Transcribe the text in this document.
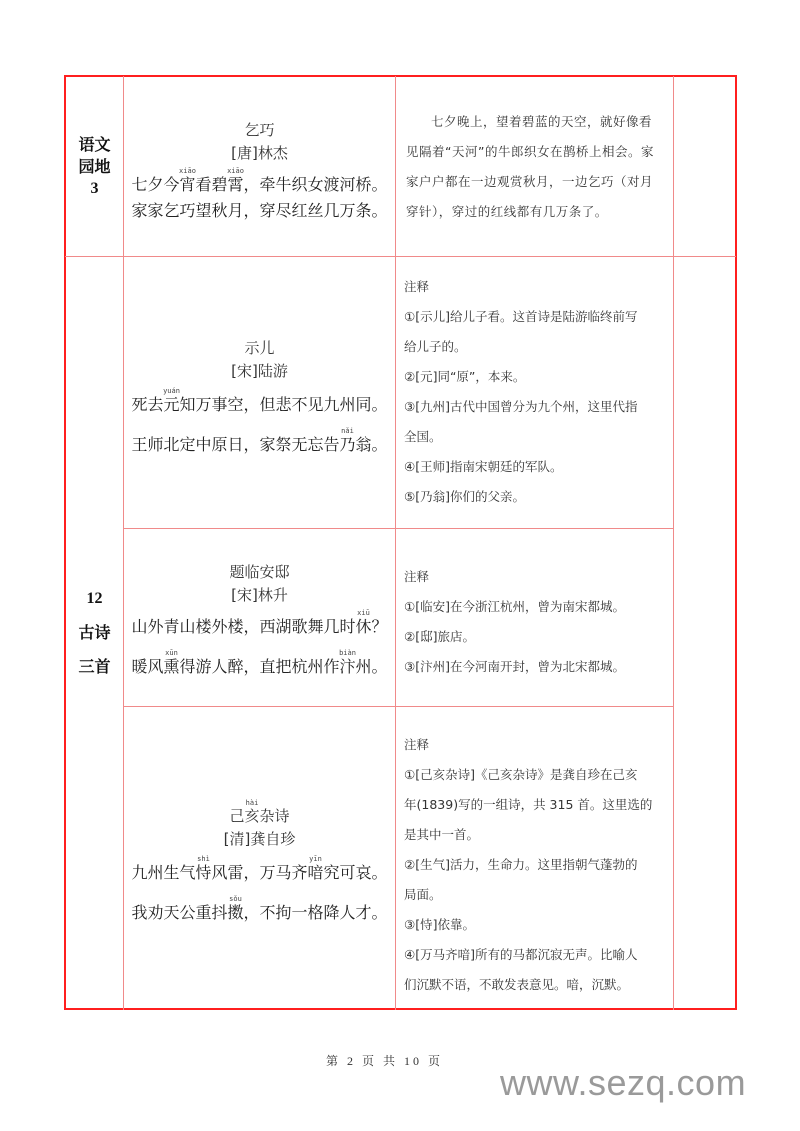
语文
园地
3
乞巧
[唐]林杰
七夕今宵xiāo看碧霄xiāo，牵牛织女渡河桥。
家家乞巧望秋月，穿尽红丝几万条。

七夕晚上，望着碧蓝的天空，就好像看见隔着“天河”的牛郎织女在鹊桥上相会。家家户户都在一边观赏秋月，一边乞巧（对月穿针），穿过的红线都有几万条了。

12
古诗
三首
示儿
[宋]陆游
死去元yuán知万事空，但悲不见九州同。
王师北定中原日，家祭无忘告乃nǎi翁。

注释

①[示儿]给儿子看。这首诗是陆游临终前写

给儿子的。

②[元]同“原”，本来。

③[九州]古代中国曾分为九个州，这里代指

全国。

④[王师]指南宋朝廷的军队。

⑤[乃翁]你们的父亲。

题临安邸
[宋]林升
山外青山楼外楼，西湖歌舞几时休xiū？
暖风熏xūn得游人醉，直把杭州作汴biàn州。

注释

①[临安]在今浙江杭州，曾为南宋都城。

②[邸]旅店。

③[汴州]在今河南开封，曾为北宋都城。

己亥hài杂诗
[清]龚自珍
九州生气恃shì风雷，万马齐喑yīn究可哀。
我劝天公重抖擞sǒu，不拘一格降人才。

注释

①[己亥杂诗]《己亥杂诗》是龚自珍在己亥

年(1839)写的一组诗，共 315 首。这里选的

是其中一首。

②[生气]活力，生命力。这里指朝气蓬勃的

局面。

③[恃]依靠。

④[万马齐喑]所有的马都沉寂无声。比喻人

们沉默不语，不敢发表意见。喑，沉默。

第 2 页 共 10 页
www.sezq.com
